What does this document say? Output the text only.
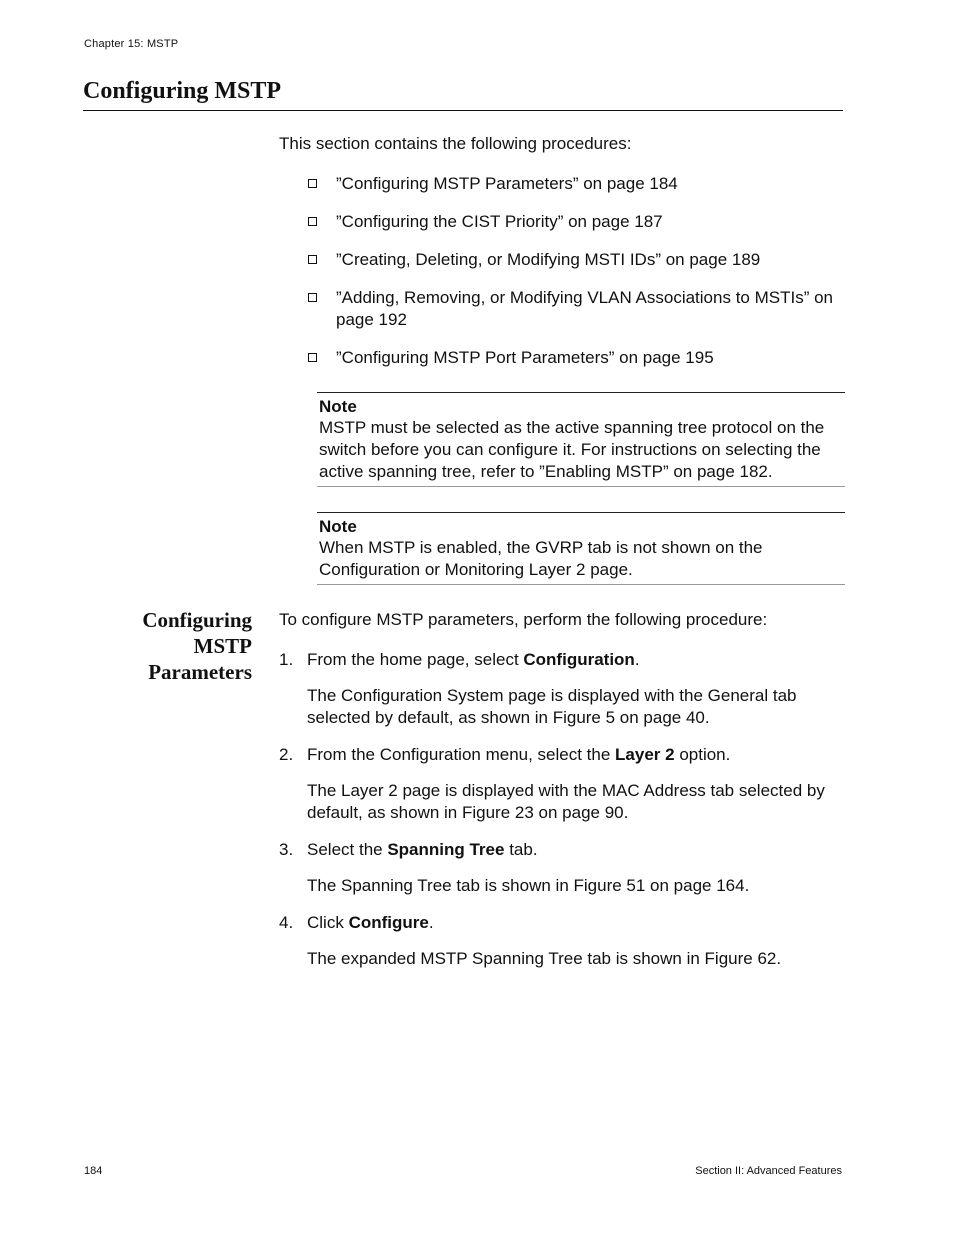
Chapter 15: MSTP
Configuring MSTP
This section contains the following procedures:
”Configuring MSTP Parameters” on page 184
”Configuring the CIST Priority” on page 187
”Creating, Deleting, or Modifying MSTI IDs” on page 189
”Adding, Removing, or Modifying VLAN Associations to MSTIs” on page 192
”Configuring MSTP Port Parameters” on page 195
Note
MSTP must be selected as the active spanning tree protocol on the switch before you can configure it. For instructions on selecting the active spanning tree, refer to ”Enabling MSTP” on page 182.
Note
When MSTP is enabled, the GVRP tab is not shown on the Configuration or Monitoring Layer 2 page.
Configuring
MSTP
Parameters
To configure MSTP parameters, perform the following procedure:
1. From the home page, select Configuration.
The Configuration System page is displayed with the General tab selected by default, as shown in Figure 5 on page 40.
2. From the Configuration menu, select the Layer 2 option.
The Layer 2 page is displayed with the MAC Address tab selected by default, as shown in Figure 23 on page 90.
3. Select the Spanning Tree tab.
The Spanning Tree tab is shown in Figure 51 on page 164.
4. Click Configure.
The expanded MSTP Spanning Tree tab is shown in Figure 62.
184	Section II: Advanced Features
